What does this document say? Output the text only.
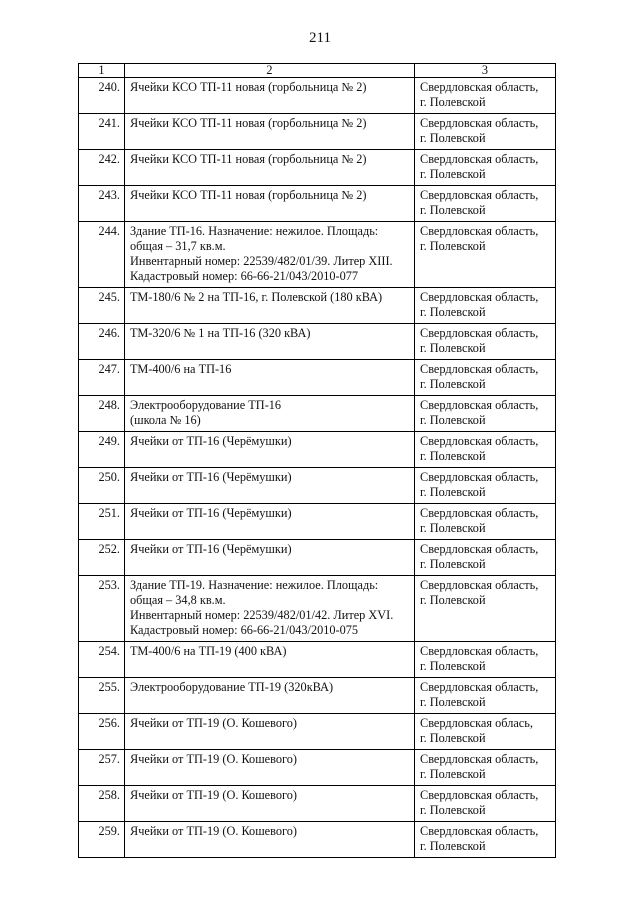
211
1	2	3
240.	Ячейки КСО ТП-11 новая (горбольница № 2)	Свердловская область,
г. Полевской
241.	Ячейки КСО ТП-11 новая (горбольница № 2)	Свердловская область,
г. Полевской
242.	Ячейки КСО ТП-11 новая (горбольница № 2)	Свердловская область,
г. Полевской
243.	Ячейки КСО ТП-11 новая (горбольница № 2)	Свердловская область,
г. Полевской
244.	Здание ТП-16. Назначение: нежилое. Площадь:
общая – 31,7 кв.м.
Инвентарный номер: 22539/482/01/39. Литер XIII.
Кадастровый номер: 66-66-21/043/2010-077	Свердловская область,
г. Полевской
245.	ТМ-180/6 № 2 на ТП-16, г. Полевской (180 кВА)	Свердловская область,
г. Полевской
246.	ТМ-320/6 № 1 на ТП-16 (320 кВА)	Свердловская область,
г. Полевской
247.	ТМ-400/6 на ТП-16	Свердловская область,
г. Полевской
248.	Электрооборудование ТП-16
(школа № 16)	Свердловская область,
г. Полевской
249.	Ячейки от ТП-16 (Черёмушки)	Свердловская область,
г. Полевской
250.	Ячейки от ТП-16 (Черёмушки)	Свердловская область,
г. Полевской
251.	Ячейки от ТП-16 (Черёмушки)	Свердловская область,
г. Полевской
252.	Ячейки от ТП-16 (Черёмушки)	Свердловская область,
г. Полевской
253.	Здание ТП-19. Назначение: нежилое. Площадь:
общая – 34,8 кв.м.
Инвентарный номер: 22539/482/01/42. Литер XVI.
Кадастровый номер: 66-66-21/043/2010-075	Свердловская область,
г. Полевской
254.	ТМ-400/6 на ТП-19 (400 кВА)	Свердловская область,
г. Полевской
255.	Электрооборудование ТП-19 (320кВА)	Свердловская область,
г. Полевской
256.	Ячейки от ТП-19 (О. Кошевого)	Свердловская облась,
г. Полевской
257.	Ячейки от ТП-19 (О. Кошевого)	Свердловская область,
г. Полевской
258.	Ячейки от ТП-19 (О. Кошевого)	Свердловская область,
г. Полевской
259.	Ячейки от ТП-19 (О. Кошевого)	Свердловская область,
г. Полевской
